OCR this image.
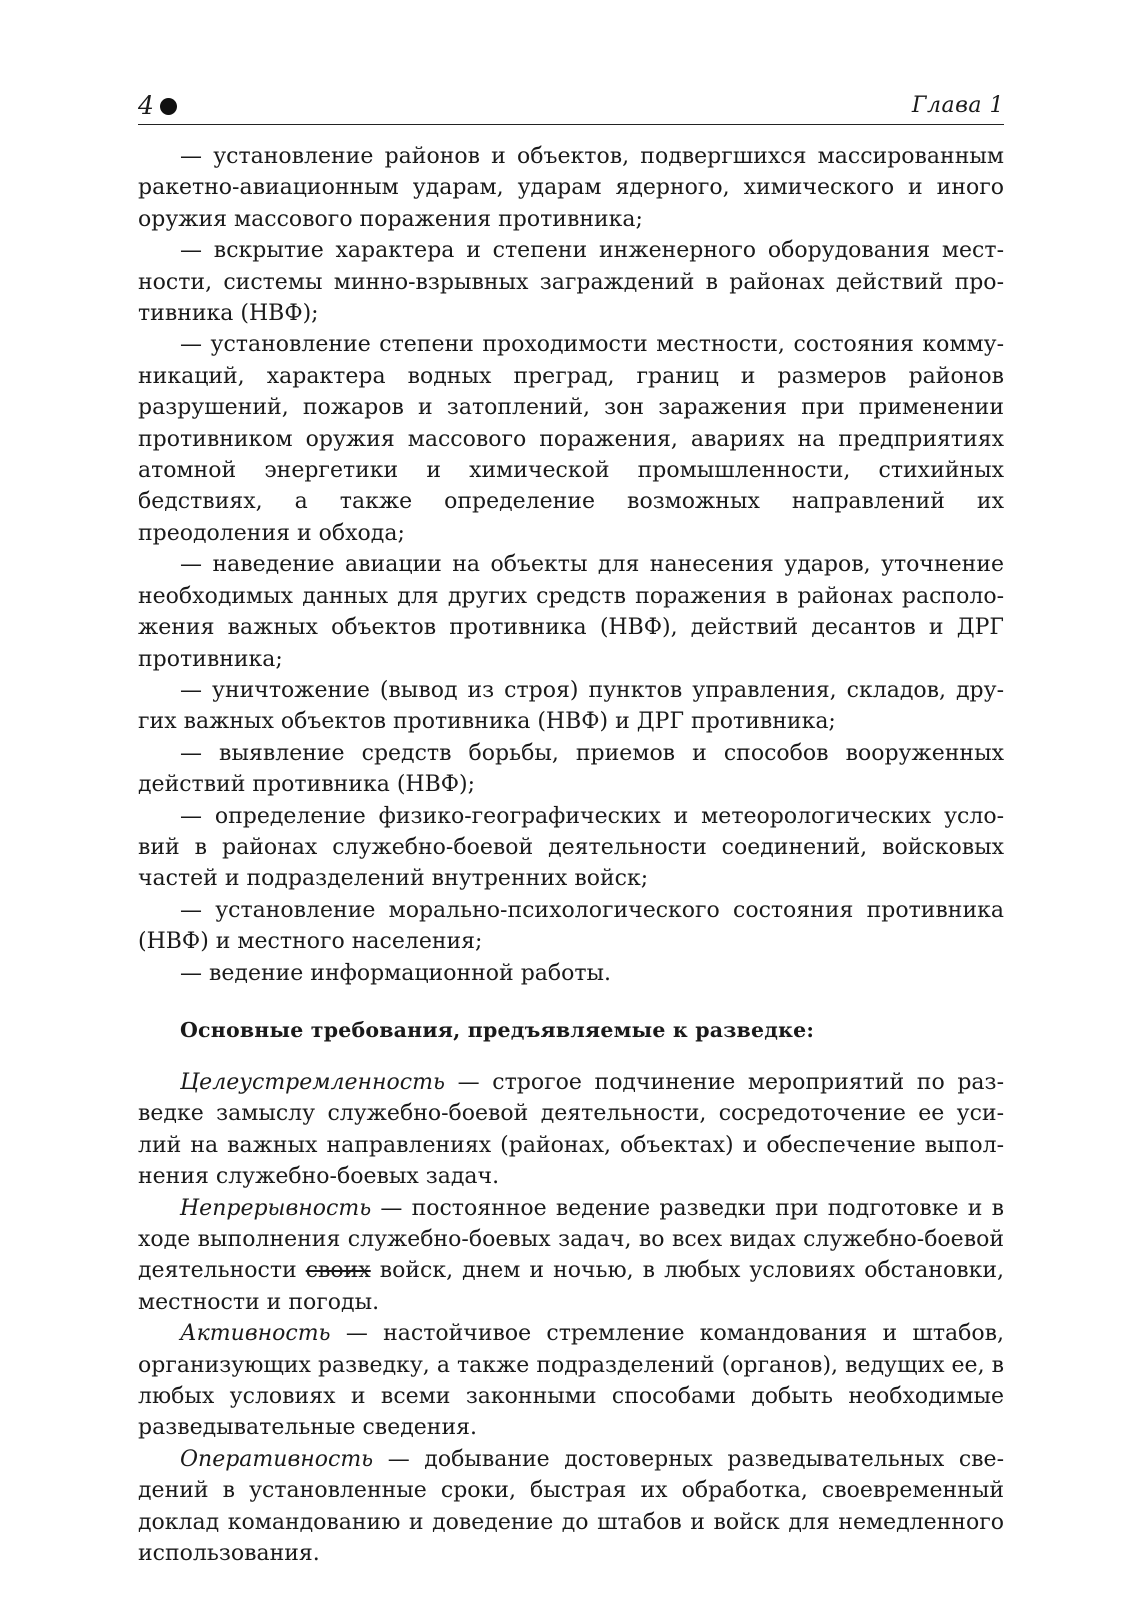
4	Глава 1

— установление районов и объектов, подвергшихся массированным ракетно-авиационным ударам, ударам ядерного, химического и иного оружия массового поражения противника;

— вскрытие характера и степени инженерного оборудования местности, системы минно-взрывных заграждений в районах действий противника (НВФ);

— установление степени проходимости местности, состояния коммуникаций, характера водных преград, границ и размеров районов разрушений, пожаров и затоплений, зон заражения при применении противником оружия массового поражения, авариях на предприятиях атомной энергетики и химической промышленности, стихийных бедствиях, а также определение возможных направлений их преодоления и обхода;

— наведение авиации на объекты для нанесения ударов, уточнение необходимых данных для других средств поражения в районах расположения важных объектов противника (НВФ), действий десантов и ДРГ противника;

— уничтожение (вывод из строя) пунктов управления, складов, других важных объектов противника (НВФ) и ДРГ противника;

— выявление средств борьбы, приемов и способов вооруженных действий противника (НВФ);

— определение физико-географических и метеорологических условий в районах служебно-боевой деятельности соединений, войсковых частей и подразделений внутренних войск;

— установление морально-психологического состояния противника (НВФ) и местного населения;

— ведение информационной работы.

Основные требования, предъявляемые к разведке:

Целеустремленность — строгое подчинение мероприятий по разведке замыслу служебно-боевой деятельности, сосредоточение ее усилий на важных направлениях (районах, объектах) и обеспечение выполнения служебно-боевых задач.

Непрерывность — постоянное ведение разведки при подготовке и в ходе выполнения служебно-боевых задач, во всех видах служебно-боевой деятельности своих войск, днем и ночью, в любых условиях обстановки, местности и погоды.

Активность — настойчивое стремление командования и штабов, организующих разведку, а также подразделений (органов), ведущих ее, в любых условиях и всеми законными способами добыть необходимые разведывательные сведения.

Оперативность — добывание достоверных разведывательных сведений в установленные сроки, быстрая их обработка, своевременный доклад командованию и доведение до штабов и войск для немедленного использования.
